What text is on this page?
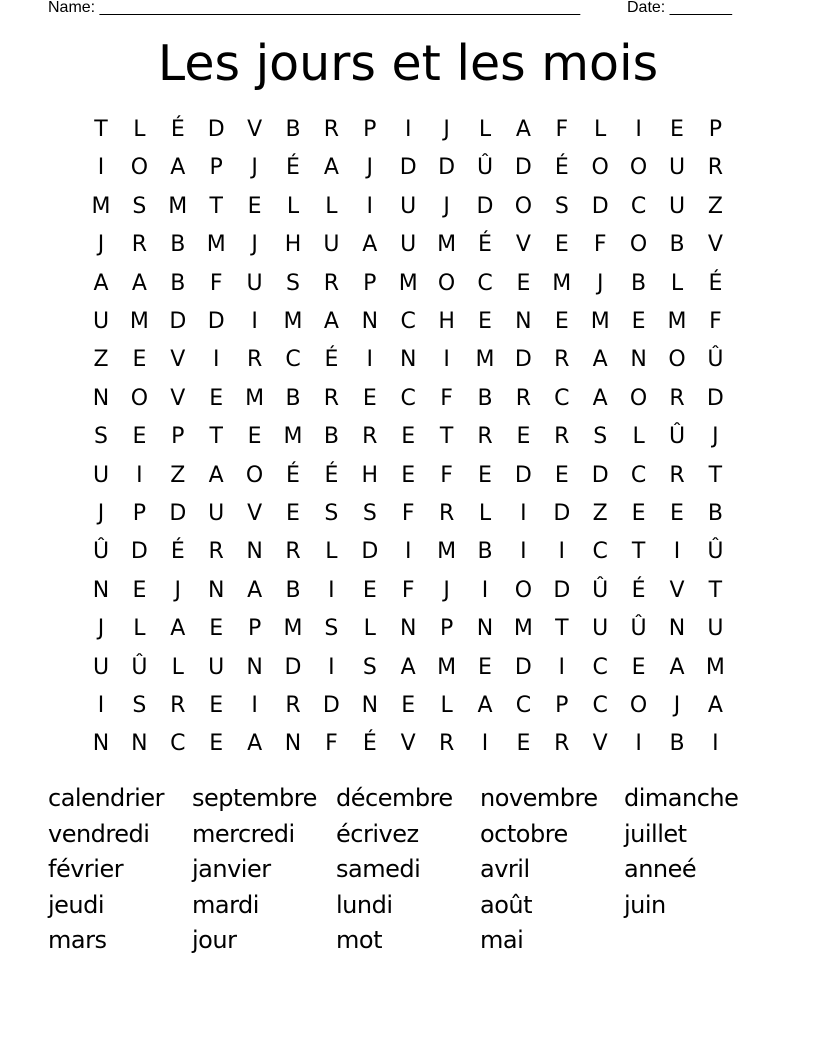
Name: ______________________________________________________	Date: _______
Les jours et les mois
T	L	É	D	V	B	R	P	I	J	L	A	F	L	I	E	P
I	O	A	P	J	É	A	J	D D Û D	É	O O U	R
M S M	T	E	L	L	I	U	J	D O	S	D	C	U	Z
J	R	B M	J	H	U	A	U M É	V	E	F	O	B	V
A	A	B	F	U	S	R	P	M O	C	E M	J	B	L	É
U M D D	I	M A	N	C	H	E	N	E M E M	F
Z	E	V	I	R	C	É	I	N	I	M D	R	A	N O Û
N O	V	E M B	R	E	C	F	B	R	C	A	O	R	D
S	E	P	T	E M B	R	E	T	R	E	R	S	L	Û	J
U	I	Z	A	O	É	É	H	E	F	E	D	E	D	C	R	T
J	P	D U	V	E	S	S	F	R	L	I	D	Z	E	E	B
Û D	É	R	N	R	L	D	I	M B	I	I	C	T	I	Û
N	E	J	N	A	B	I	E	F	J	I	O D Û	É	V	T
J	L	A	E	P	M S	L	N	P	N M	T	U	Û	N	U
U	Û	L	U	N D	I	S	A M E	D	I	C	E	A M
I	S	R	E	I	R	D N	E	L	A	C	P	C	O	J	A
N N	C	E	A	N	F	É	V	R	I	E	R	V	I	B	I
calendrier	septembre décembre	novembre	dimanche
vendredi	mercredi	écrivez	octobre	juillet
février	janvier	samedi	avril	anneé
jeudi	mardi	lundi	août	juin
mars	jour	mot	mai
